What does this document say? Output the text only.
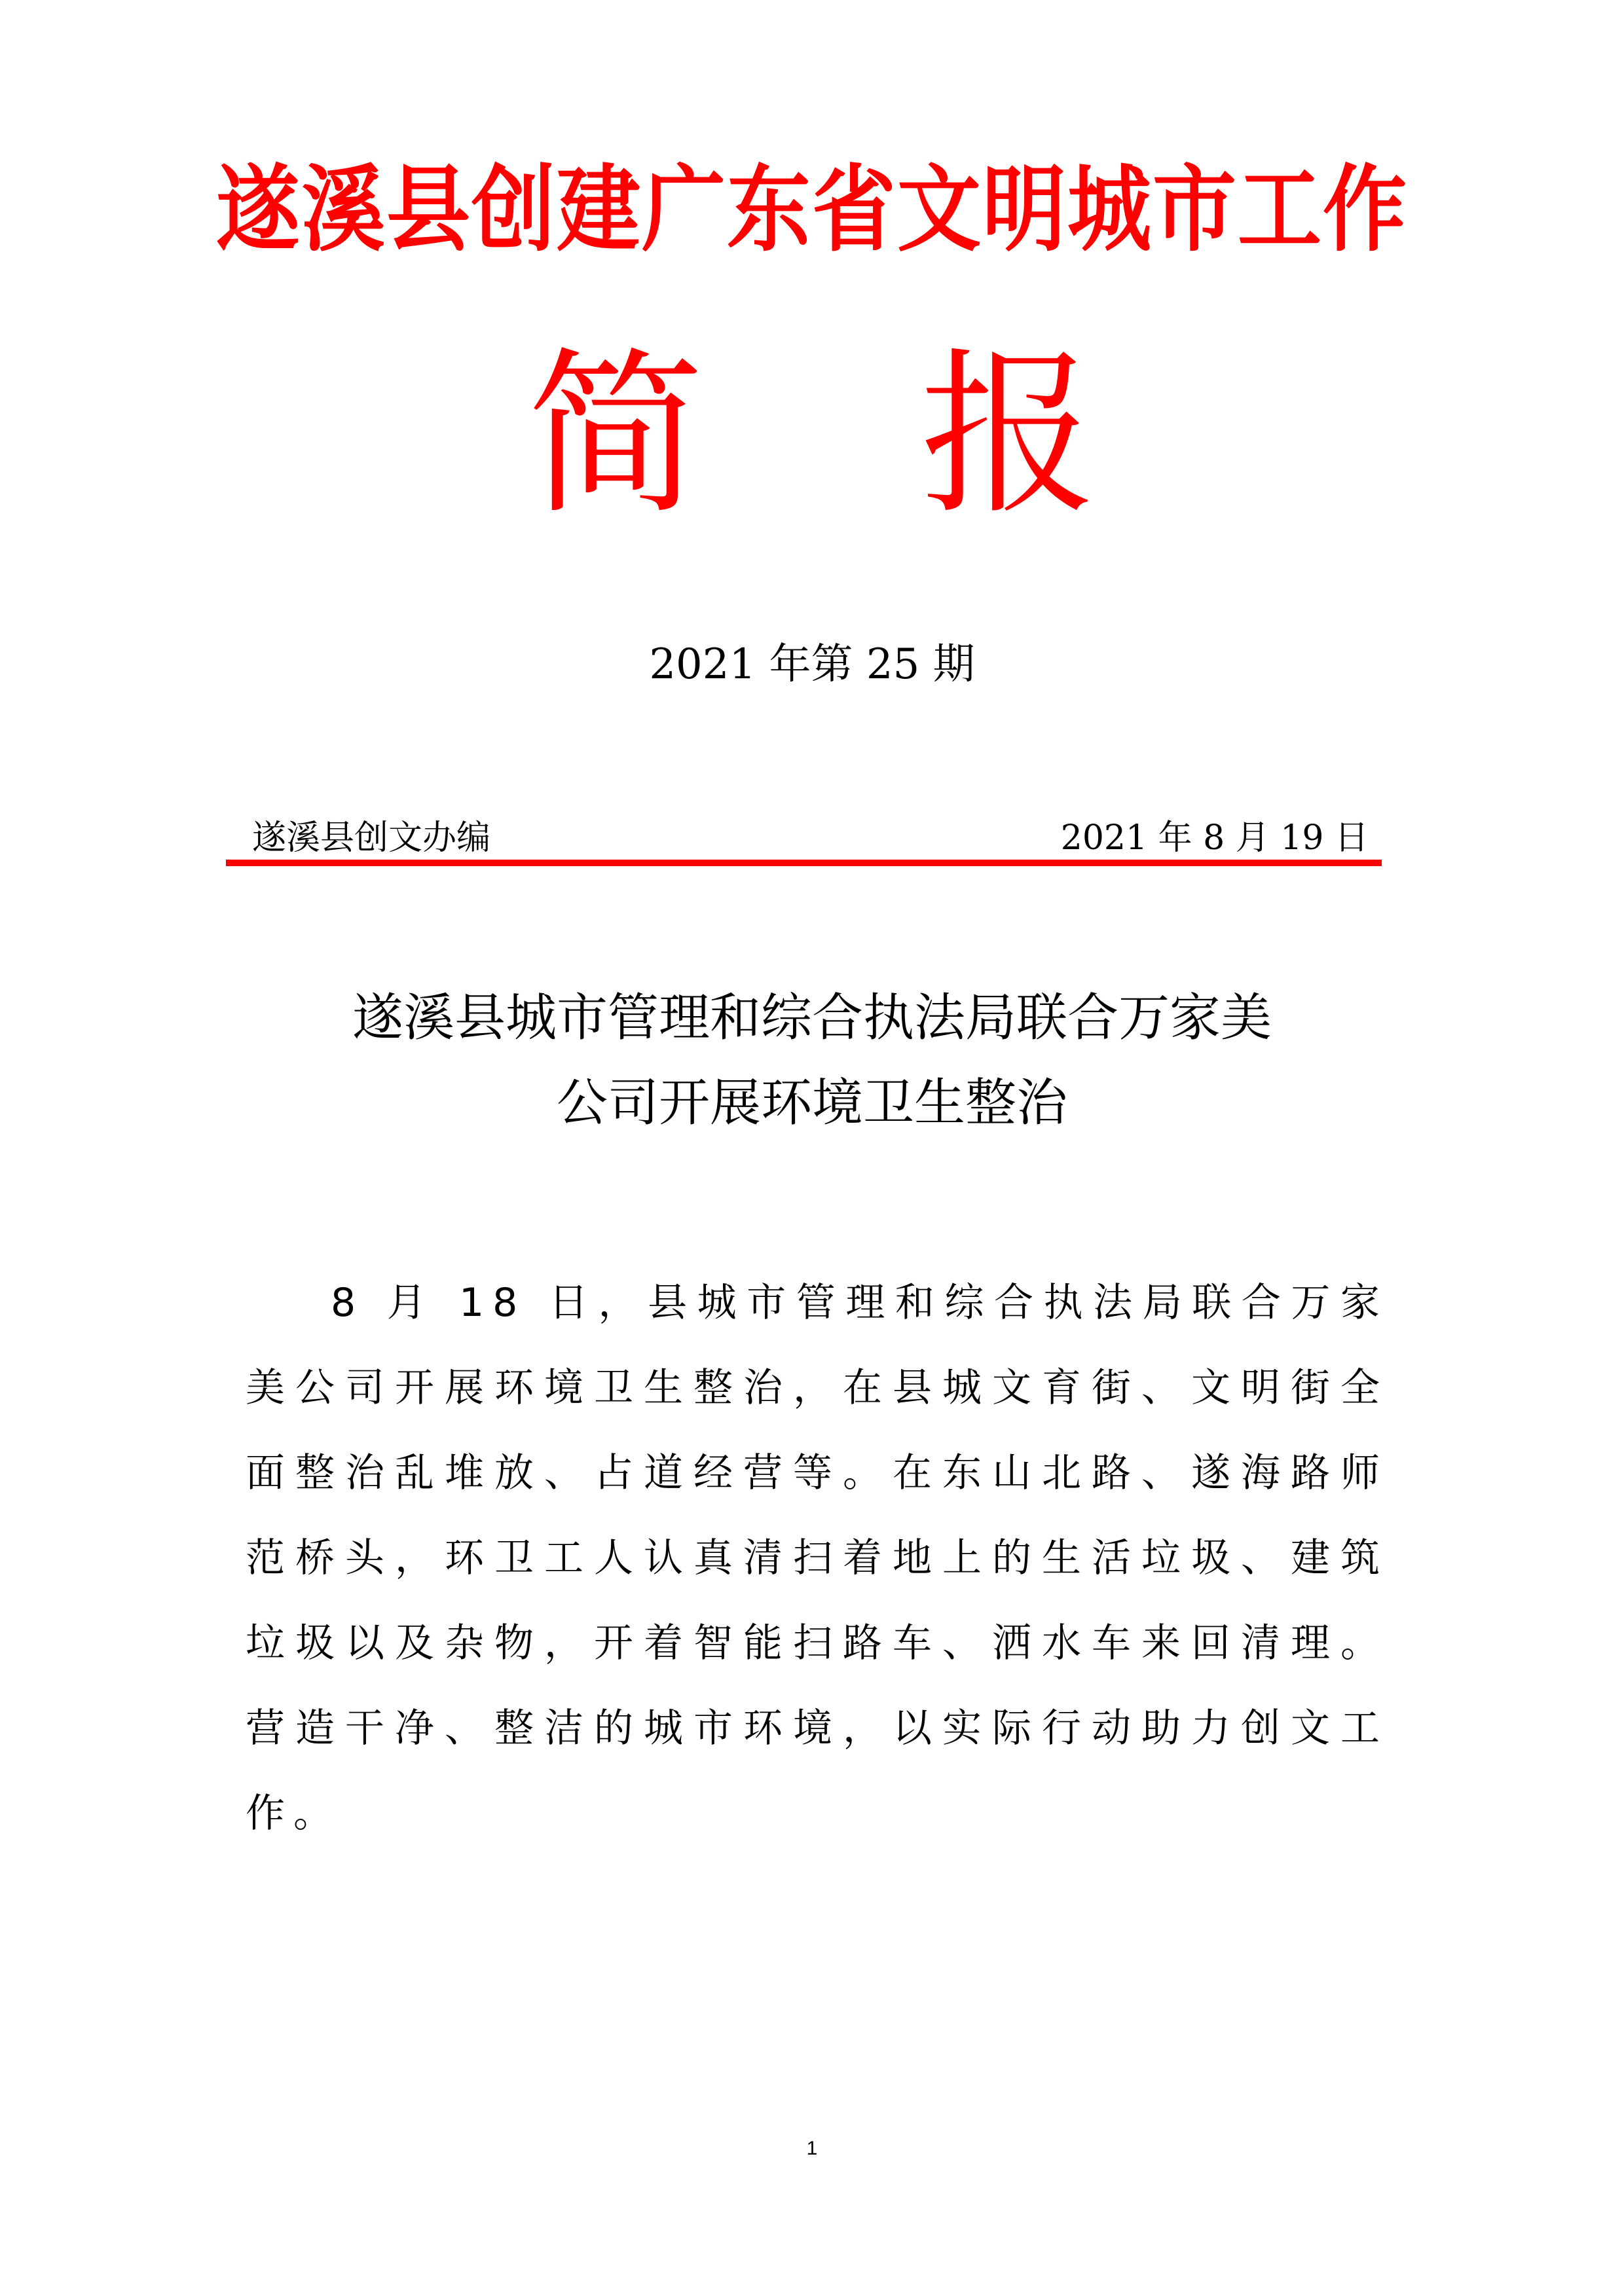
遂溪县创建广东省文明城市工作
简 报
2021 年第 25 期
遂溪县创文办编	2021 年 8 月 19 日
遂溪县城市管理和综合执法局联合万家美
公司开展环境卫生整治

8 月 18 日，县城市管理和综合执法局联合万家美公司开展环境卫生整治，在县城文育街、文明街全面整治乱堆放、占道经营等。在东山北路、遂海路师范桥头，环卫工人认真清扫着地上的生活垃圾、建筑垃圾以及杂物，开着智能扫路车、洒水车来回清理。营造干净、整洁的城市环境，以实际行动助力创文工作。

1
